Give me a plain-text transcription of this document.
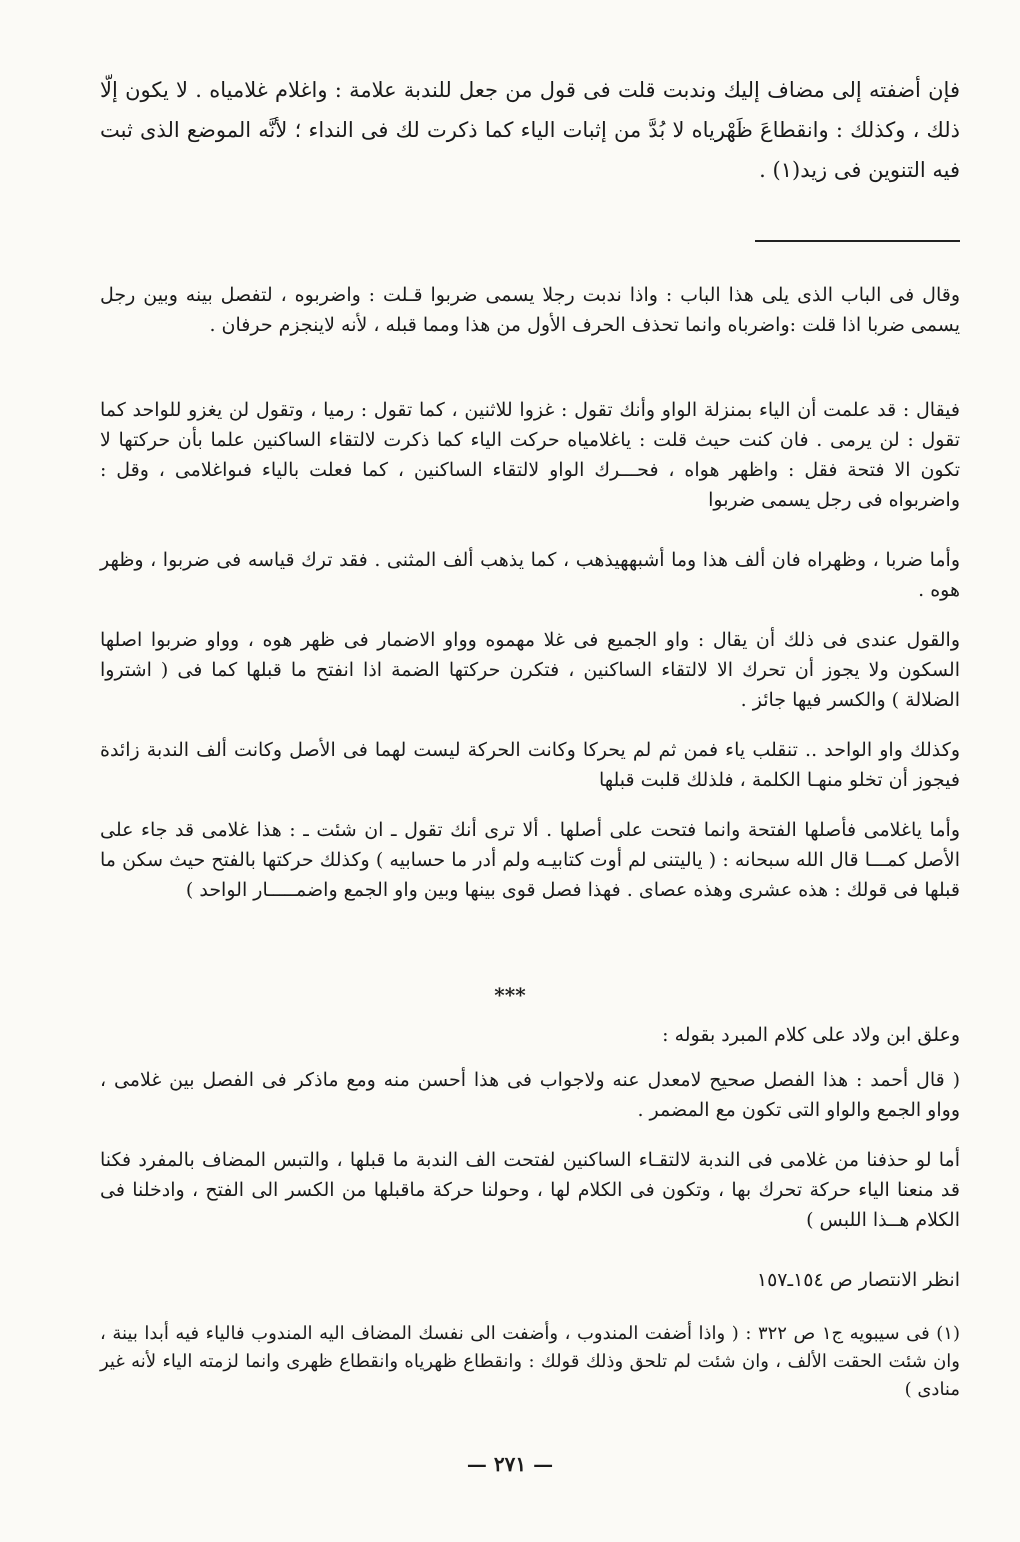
فإن أضفته إلى مضاف إليك وندبت قلت فى قول من جعل للندبة علامة : واغلام غلامياه . لا يكون إلّا ذلك ، وكذلك : وانقطاعَ ظَهْرياه لا بُدَّ من إثبات الياء كما ذكرت لك فى النداء ؛ لأنَّه الموضع الذى ثبت فيه التنوين فى زيد(١) .

وقال فى الباب الذى يلى هذا الباب : واذا ندبت رجلا يسمى ضربوا قـلت : واضربوه ، لتفصل بينه وبين رجل يسمى ضربا اذا قلت :واضرباه وانما تحذف الحرف الأول من هذا ومما قبله ، لأنه لاينجزم حرفان .

فيقال : قد علمت أن الياء بمنزلة الواو وأنك تقول : غزوا للاثنين ، كما تقول : رميا ، وتقول لن يغزو للواحد كما تقول : لن يرمى . فان كنت حيث قلت : ياغلامياه حركت الياء كما ذكرت لالتقاء الساكنين علما بأن حركتها لا تكون الا فتحة فقل : واظهر هواه ، فحـــرك الواو لالتقاء الساكنين ، كما فعلت بالياء فىواغلامى ، وقل : واضربواه فى رجل يسمى ضربوا

وأما ضربا ، وظهراه فان ألف هذا وما أشبههيذهب ، كما يذهب ألف المثنى . فقد ترك قياسه فى ضربوا ، وظهر هوه .

والقول عندى فى ذلك أن يقال : واو الجميع فى غلا مهموه وواو الاضمار فى ظهر هوه ، وواو ضربوا اصلها السكون ولا يجوز أن تحرك الا لالتقاء الساكنين ، فتكرن حركتها الضمة اذا انفتح ما قبلها كما فى ( اشتروا الضلالة ) والكسر فيها جائز .

وكذلك واو الواحد .. تنقلب ياء فمن ثم لم يحركا وكانت الحركة ليست لهما فى الأصل وكانت ألف الندبة زائدة فيجوز أن تخلو منهـا الكلمة ، فلذلك قلبت قبلها

وأما ياغلامى فأصلها الفتحة وانما فتحت على أصلها . ألا ترى أنك تقول ـ ان شئت ـ : هذا غلامى قد جاء على الأصل كمـــا قال الله سبحانه : ( ياليتنى لم أوت كتابيـه ولم أدر ما حسابيه ) وكذلك حركتها بالفتح حيث سكن ما قبلها فى قولك : هذه عشرى وهذه عصاى . فهذا فصل قوى بينها وبين واو الجمع واضمـــــار الواحد )

***

وعلق ابن ولاد على كلام المبرد بقوله :

( قال أحمد : هذا الفصل صحيح لامعدل عنه ولاجواب فى هذا أحسن منه ومع ماذكر فى الفصل بين غلامى ، وواو الجمع والواو التى تكون مع المضمر .

أما لو حذفنا من غلامى فى الندبة لالتقـاء الساكنين لفتحت الف الندبة ما قبلها ، والتبس المضاف بالمفرد فكنا قد منعنا الياء حركة تحرك بها ، وتكون فى الكلام لها ، وحولنا حركة ماقبلها من الكسر الى الفتح ، وادخلنا فى الكلام هــذا اللبس )

انظر الانتصار ص ١٥٤ـ١٥٧

(١) فى سيبويه ج١ ص ٣٢٢ : ( واذا أضفت المندوب ، وأضفت الى نفسك المضاف اليه المندوب فالياء فيه أبدا بينة ، وان شئت الحقت الألف ، وان شئت لم تلحق وذلك قولك : وانقطاع ظهرياه وانقطاع ظهرى وانما لزمته الياء لأنه غير منادى )

— ٢٧١ —
